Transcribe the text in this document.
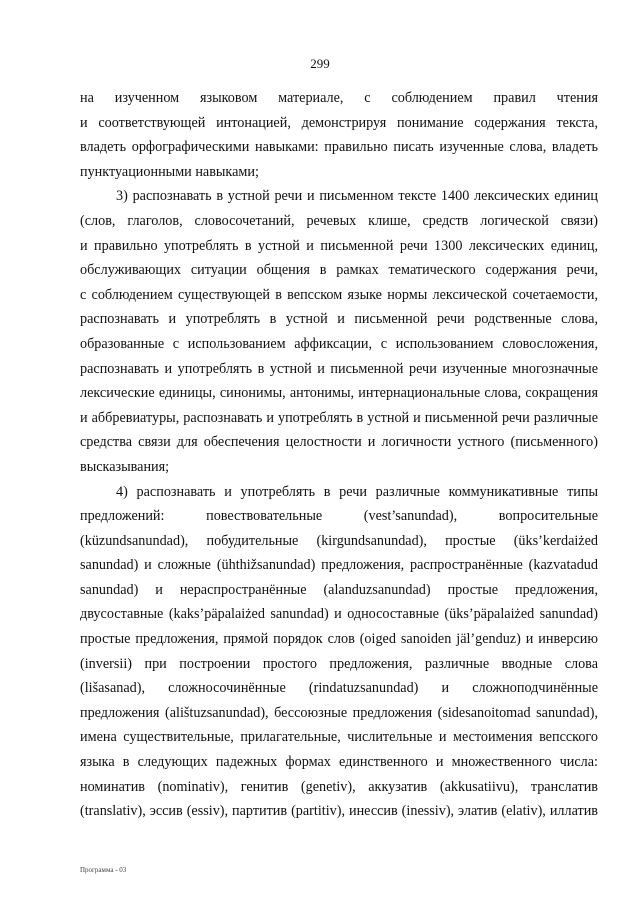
299
на изученном языковом материале, с соблюдением правил чтения
и соответствующей интонацией, демонстрируя понимание содержания текста,
владеть орфографическими навыками: правильно писать изученные слова, владеть
пунктуационными навыками;
3) распознавать в устной речи и письменном тексте 1400 лексических единиц
(слов, глаголов, словосочетаний, речевых клише, средств логической связи)
и правильно употреблять в устной и письменной речи 1300 лексических единиц,
обслуживающих ситуации общения в рамках тематического содержания речи,
с соблюдением существующей в вепсском языке нормы лексической сочетаемости,
распознавать и употреблять в устной и письменной речи родственные слова,
образованные с использованием аффиксации, с использованием словосложения,
распознавать и употреблять в устной и письменной речи изученные многозначные
лексические единицы, синонимы, антонимы, интернациональные слова, сокращения
и аббревиатуры, распознавать и употреблять в устной и письменной речи различные
средства связи для обеспечения целостности и логичности устного (письменного)
высказывания;
4) распознавать и употреблять в речи различные коммуникативные типы
предложений: повествовательные (vest’sanundad), вопросительные
(küzundsanundad), побудительные (kirgundsanundad), простые (üks’kerdaiżed
sanundad) и сложные (ühthižsanundad) предложения, распространённые (kazvatadud
sanundad) и нераспространённые (alanduzsanundad) простые предложения,
двусоставные (kaks’päpalaiżed sanundad) и односоставные (üks’päpalaiżed sanundad)
простые предложения, прямой порядок слов (oiged sanoiden jäl’genduz) и инверсию
(inversii) при построении простого предложения, различные вводные слова
(lišasanad), сложносочинённые (rindatuzsanundad) и сложноподчинённые
предложения (alištuzsanundad), бессоюзные предложения (sidesanoitomad sanundad),
имена существительные, прилагательные, числительные и местоимения вепсского
языка в следующих падежных формах единственного и множественного числа:
номинатив (nominativ), генитив (genetiv), аккузатив (akkusatiivu), транслатив
(translativ), эссив (essiv), партитив (partitiv), инессив (inessiv), элатив (elativ), иллатив
Программа - 03
